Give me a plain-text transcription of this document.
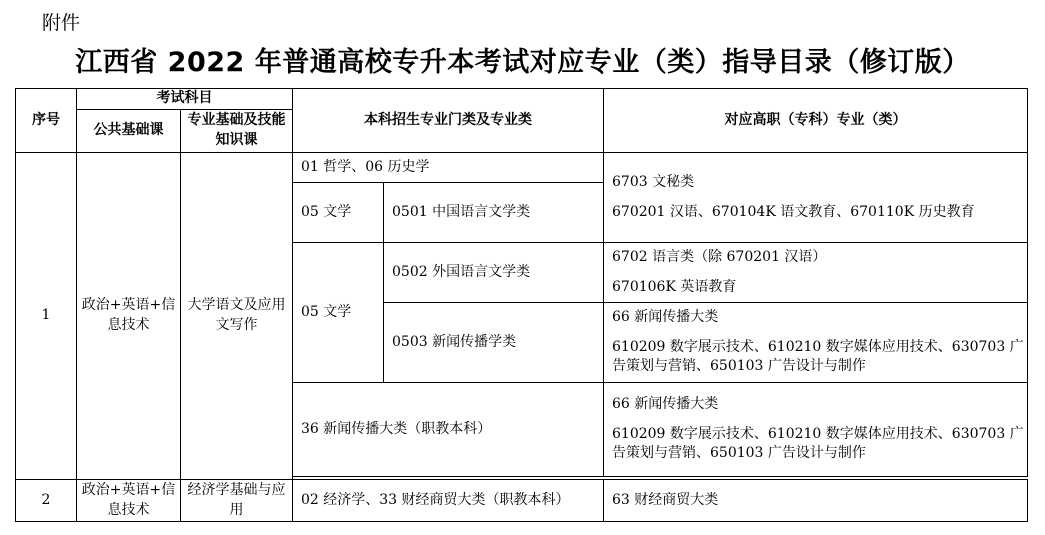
附件
江西省 2022 年普通高校专升本考试对应专业（类）指导目录（修订版）
序号	考试科目		本科招生专业门类及专业类		对应高职（专科）专业（类）
	公共基础课	专业基础及技能知识课			
1	政治+英语+信息技术	大学语文及应用文写作	01 哲学、06 历史学		6703 文秘类
670201 汉语、670104K 语文教育、670110K 历史教育
			05 文学	0501 中国语言文学类	
			05 文学	0502 外国语言文学类	6702 语言类（除 670201 汉语）
670106K 英语教育
				0503 新闻传播学类	66 新闻传播大类
610209 数字展示技术、610210 数字媒体应用技术、630703 广告策划与营销、650103 广告设计与制作
			36 新闻传播大类（职教本科）		66 新闻传播大类
610209 数字展示技术、610210 数字媒体应用技术、630703 广告策划与营销、650103 广告设计与制作

2	政治+英语+信息技术	经济学基础与应用	02 经济学、33 财经商贸大类（职教本科）		63 财经商贸大类
